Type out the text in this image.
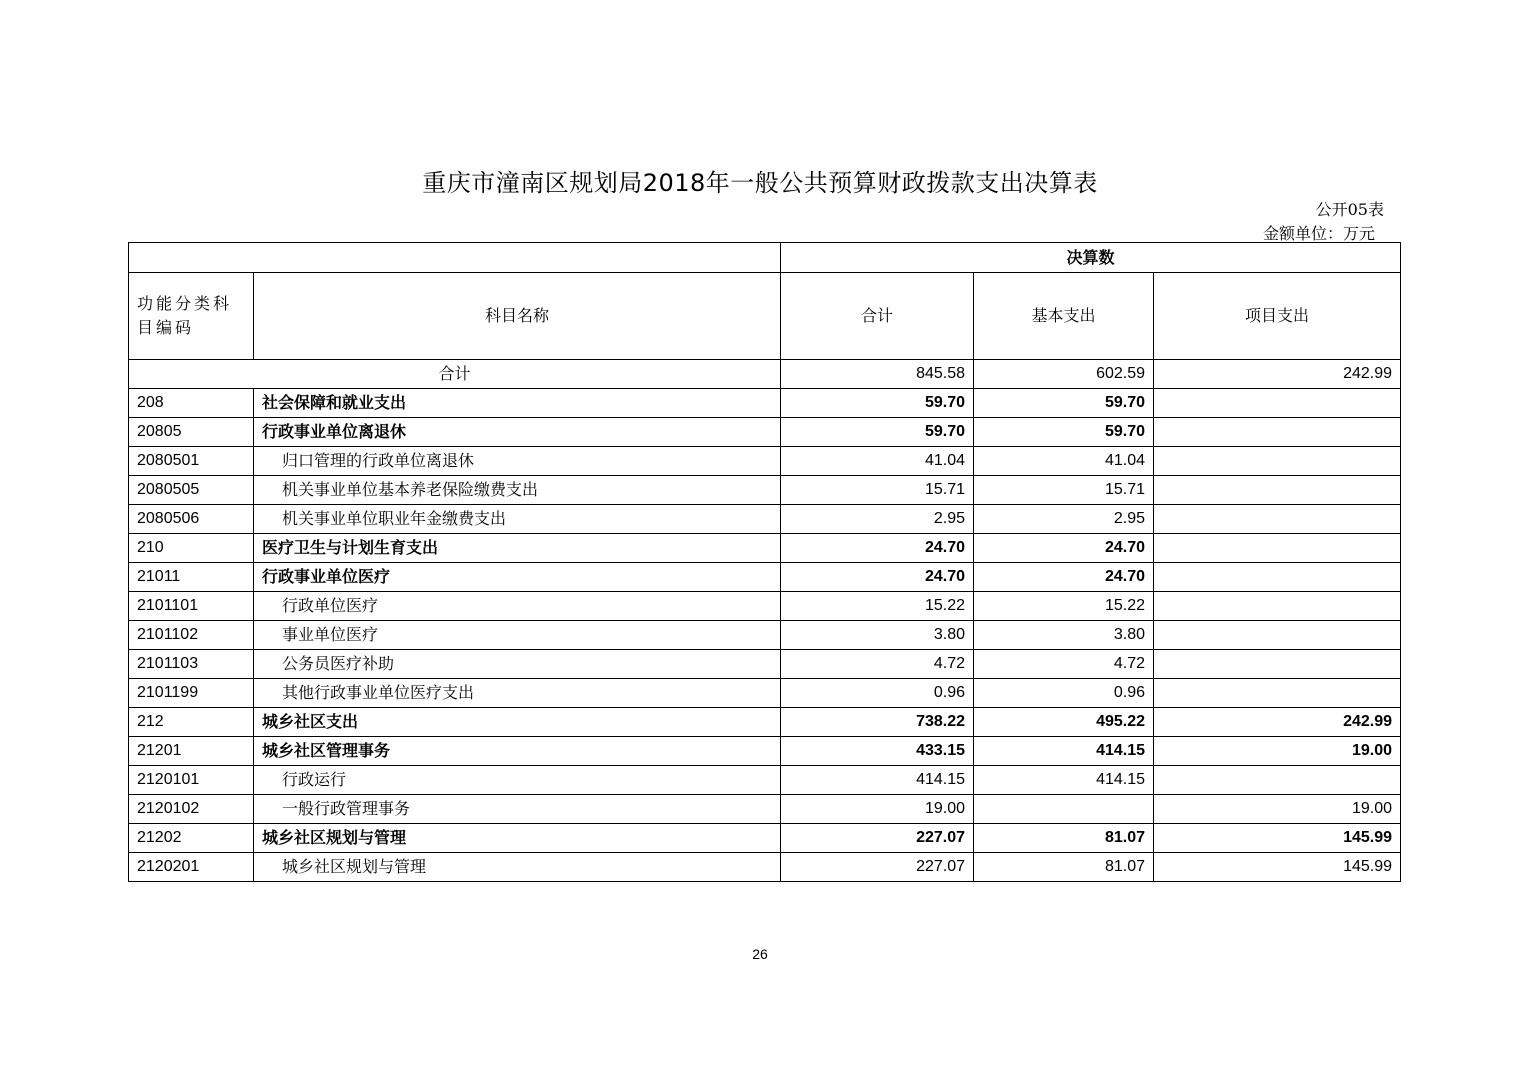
重庆市潼南区规划局2018年一般公共预算财政拨款支出决算表
公开05表
金额单位：万元
		决算数		
功能分类科目编码	科目名称	合计	基本支出	项目支出
合计		845.58	602.59	242.99
208	社会保障和就业支出	59.70	59.70	
20805	行政事业单位离退休	59.70	59.70	
2080501	归口管理的行政单位离退休	41.04	41.04	
2080505	机关事业单位基本养老保险缴费支出	15.71	15.71	
2080506	机关事业单位职业年金缴费支出	2.95	2.95	
210	医疗卫生与计划生育支出	24.70	24.70	
21011	行政事业单位医疗	24.70	24.70	
2101101	行政单位医疗	15.22	15.22	
2101102	事业单位医疗	3.80	3.80	
2101103	公务员医疗补助	4.72	4.72	
2101199	其他行政事业单位医疗支出	0.96	0.96	
212	城乡社区支出	738.22	495.22	242.99
21201	城乡社区管理事务	433.15	414.15	19.00
2120101	行政运行	414.15	414.15	
2120102	一般行政管理事务	19.00		19.00
21202	城乡社区规划与管理	227.07	81.07	145.99
2120201	城乡社区规划与管理	227.07	81.07	145.99
26
